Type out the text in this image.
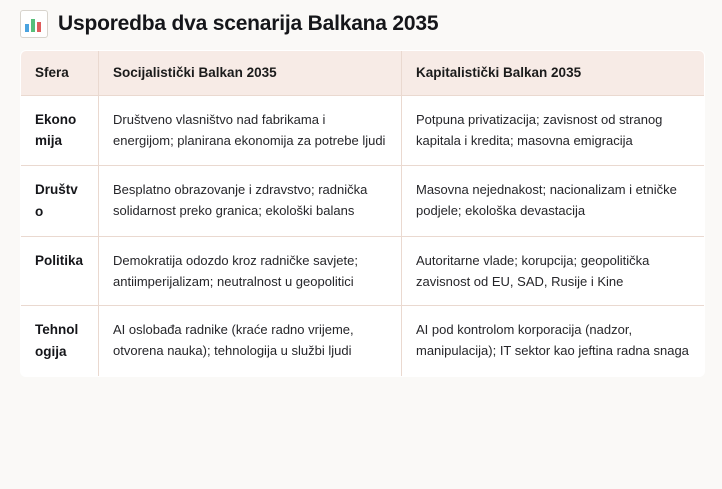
Usporedba dva scenarija Balkana 2035
Sfera	Socijalistički Balkan 2035	Kapitalistički Balkan 2035
Ekonomija	Društveno vlasništvo nad fabrikama i energijom; planirana ekonomija za potrebe ljudi	Potpuna privatizacija; zavisnost od stranog kapitala i kredita; masovna emigracija
Društvo	Besplatno obrazovanje i zdravstvo; radnička solidarnost preko granica; ekološki balans	Masovna nejednakost; nacionalizam i etničke podjele; ekološka devastacija
Politika	Demokratija odozdo kroz radničke savjete; antiimperijalizam; neutralnost u geopolitici	Autoritarne vlade; korupcija; geopolitička zavisnost od EU, SAD, Rusije i Kine
Tehnologija	AI oslobađa radnike (kraće radno vrijeme, otvorena nauka); tehnologija u službi ljudi	AI pod kontrolom korporacija (nadzor, manipulacija); IT sektor kao jeftina radna snaga
